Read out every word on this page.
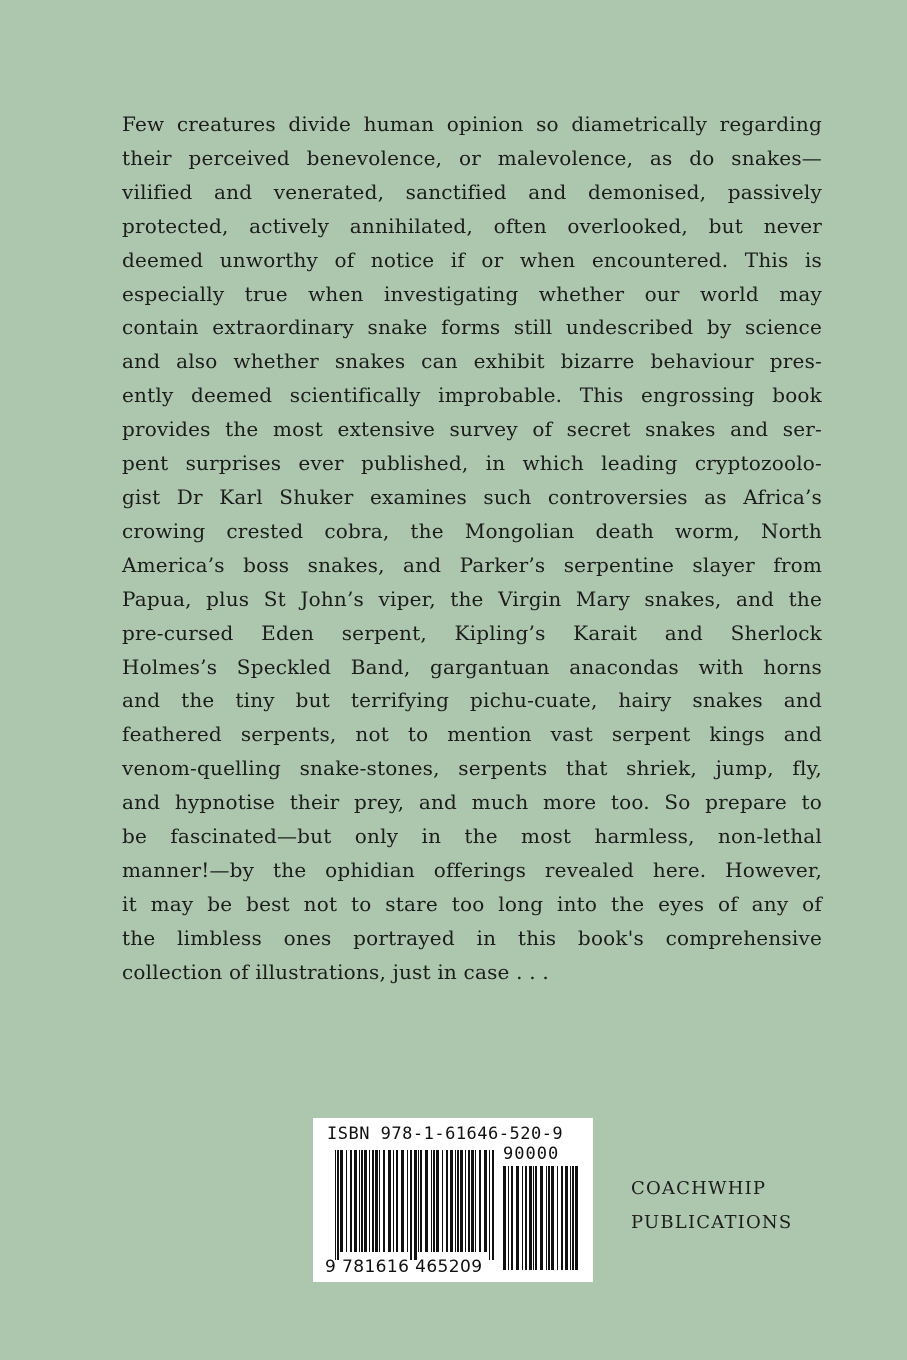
Few creatures divide human opinion so diametrically regarding
their perceived benevolence, or malevolence, as do snakes—
vilified and venerated, sanctified and demonised, passively
protected, actively annihilated, often overlooked, but never
deemed unworthy of notice if or when encountered. This is
especially true when investigating whether our world may
contain extraordinary snake forms still undescribed by science
and also whether snakes can exhibit bizarre behaviour pres-
ently deemed scientifically improbable. This engrossing book
provides the most extensive survey of secret snakes and ser-
pent surprises ever published, in which leading cryptozoolo-
gist Dr Karl Shuker examines such controversies as Africa’s
crowing crested cobra, the Mongolian death worm, North
America’s boss snakes, and Parker’s serpentine slayer from
Papua, plus St John’s viper, the Virgin Mary snakes, and the
pre-cursed Eden serpent, Kipling’s Karait and Sherlock
Holmes’s Speckled Band, gargantuan anacondas with horns
and the tiny but terrifying pichu-cuate, hairy snakes and
feathered serpents, not to mention vast serpent kings and
venom-quelling snake-stones, serpents that shriek, jump, fly,
and hypnotise their prey, and much more too. So prepare to
be fascinated—but only in the most harmless, non-lethal
manner!—by the ophidian offerings revealed here. However,
it may be best not to stare too long into the eyes of any of
the limbless ones portrayed in this book's comprehensive
collection of illustrations, just in case . . .
ISBN 978-1-61646-520-9
90000
9 781616 465209
COACHWHIP
PUBLICATIONS
